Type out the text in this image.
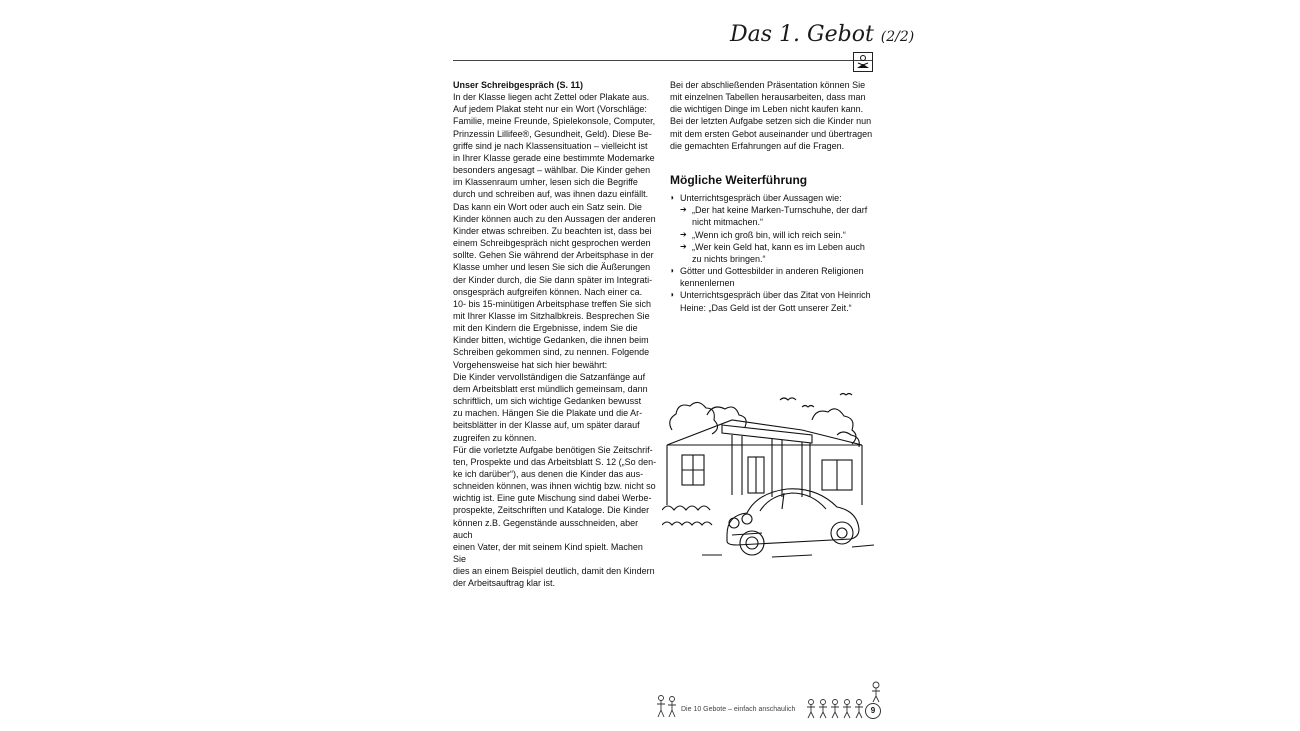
Das 1. Gebot (2/2)

Unser Schreibgespräch (S. 11)

In der Klasse liegen acht Zettel oder Plakate aus.
Auf jedem Plakat steht nur ein Wort (Vorschläge:
Familie, meine Freunde, Spielekonsole, Computer,
Prinzessin Lillifee®, Gesundheit, Geld). Diese Be-
griffe sind je nach Klassensituation – vielleicht ist
in Ihrer Klasse gerade eine bestimmte Modemarke
besonders angesagt – wählbar. Die Kinder gehen
im Klassenraum umher, lesen sich die Begriffe
durch und schreiben auf, was ihnen dazu einfällt.
Das kann ein Wort oder auch ein Satz sein. Die
Kinder können auch zu den Aussagen der anderen
Kinder etwas schreiben. Zu beachten ist, dass bei
einem Schreibgespräch nicht gesprochen werden
sollte. Gehen Sie während der Arbeitsphase in der
Klasse umher und lesen Sie sich die Äußerungen
der Kinder durch, die Sie dann später im Integrati-
onsgespräch aufgreifen können. Nach einer ca.
10- bis 15-minütigen Arbeitsphase treffen Sie sich
mit Ihrer Klasse im Sitzhalbkreis. Besprechen Sie
mit den Kindern die Ergebnisse, indem Sie die
Kinder bitten, wichtige Gedanken, die ihnen beim
Schreiben gekommen sind, zu nennen. Folgende
Vorgehensweise hat sich hier bewährt:
Die Kinder vervollständigen die Satzanfänge auf
dem Arbeitsblatt erst mündlich gemeinsam, dann
schriftlich, um sich wichtige Gedanken bewusst
zu machen. Hängen Sie die Plakate und die Ar-
beitsblätter in der Klasse auf, um später darauf
zugreifen zu können.
Für die vorletzte Aufgabe benötigen Sie Zeitschrif-
ten, Prospekte und das Arbeitsblatt S. 12 („So den-
ke ich darüber“), aus denen die Kinder das aus-
schneiden können, was ihnen wichtig bzw. nicht so
wichtig ist. Eine gute Mischung sind dabei Werbe-
prospekte, Zeitschriften und Kataloge. Die Kinder
können z.B. Gegenstände ausschneiden, aber auch
einen Vater, der mit seinem Kind spielt. Machen Sie
dies an einem Beispiel deutlich, damit den Kindern
der Arbeitsauftrag klar ist.
Bei der abschließenden Präsentation können Sie
mit einzelnen Tabellen herausarbeiten, dass man
die wichtigen Dinge im Leben nicht kaufen kann.
Bei der letzten Aufgabe setzen sich die Kinder nun
mit dem ersten Gebot auseinander und übertragen
die gemachten Erfahrungen auf die Fragen.

Mögliche Weiterführung

◗ Unterrichtsgespräch über Aussagen wie:
➔ „Der hat keine Marken-Turnschuhe, der darf nicht mitmachen.“
➔ „Wenn ich groß bin, will ich reich sein.“
➔ „Wer kein Geld hat, kann es im Leben auch zu nichts bringen.“
◗ Götter und Gottesbilder in anderen Religionen kennenlernen
◗ Unterrichtsgespräch über das Zitat von Heinrich Heine: „Das Geld ist der Gott unserer Zeit.“
Die 10 Gebote – einfach anschaulich	9
